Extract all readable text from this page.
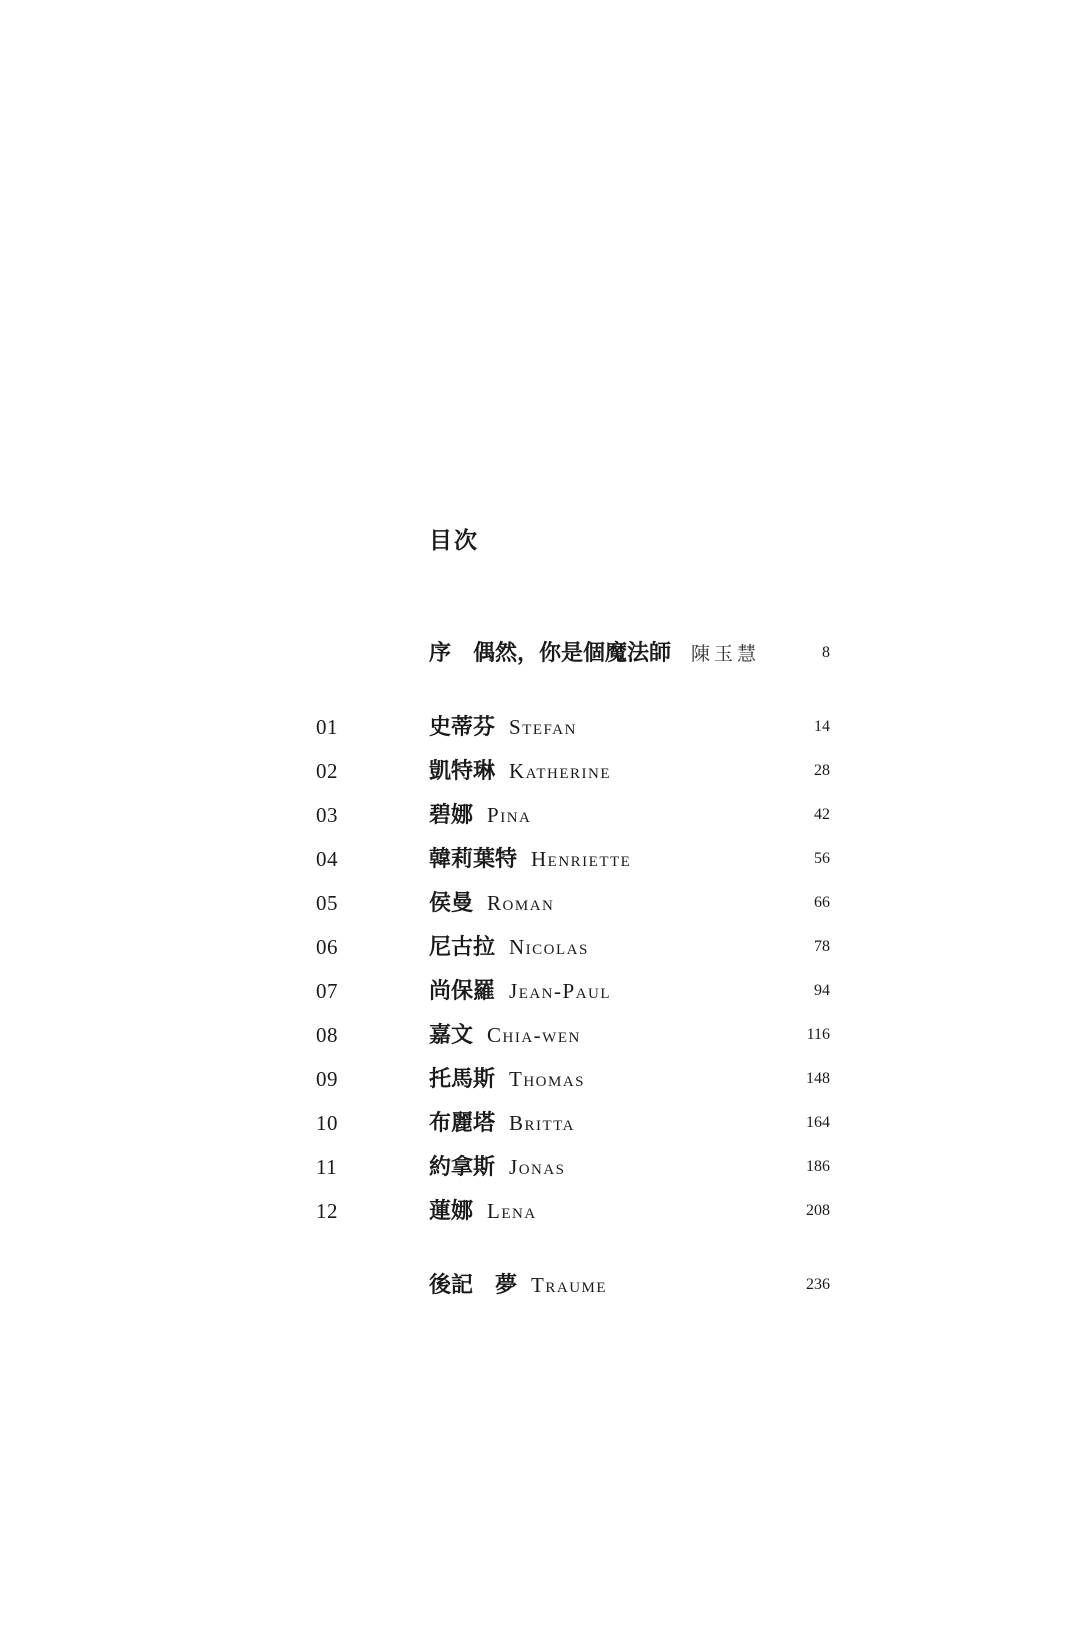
目次
序 偶然，你是個魔法師 陳玉慧	8
01	史蒂芬 Stefan	14
02	凱特琳 Katherine	28
03	碧娜 Pina	42
04	韓莉葉特 Henriette	56
05	侯曼 Roman	66
06	尼古拉 Nicolas	78
07	尚保羅 Jean-Paul	94
08	嘉文 Chia-wen	116
09	托馬斯 Thomas	148
10	布麗塔 Britta	164
11	約拿斯 Jonas	186
12	蓮娜 Lena	208
後記 夢 Traume	236
